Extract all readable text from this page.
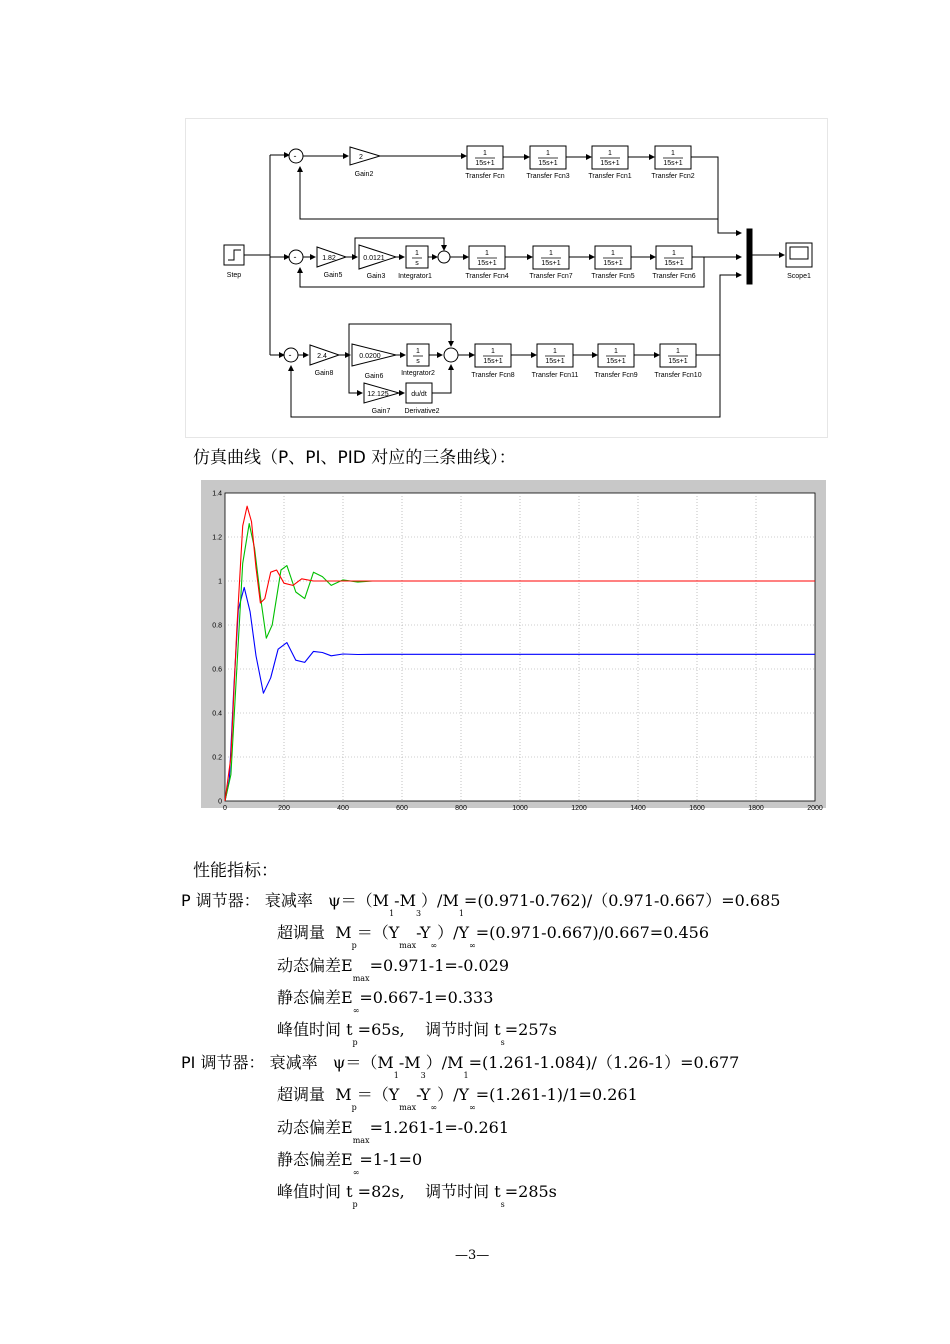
-
-
-
Step	Scope1
2
Gain2
1
15s+1
Transfer Fcn
1
15s+1
Transfer Fcn3
1
15s+1
Transfer Fcn1
1
15s+1
Transfer Fcn2
1.82
Gain5
0.0121
Gain3
1
s
Integrator1
1
15s+1
Transfer Fcn4
1
15s+1
Transfer Fcn7
1
15s+1
Transfer Fcn5
1
15s+1
Transfer Fcn6
2.4
Gain8
0.0200
Gain6
1
s
Integrator2
12.125
Gain7
du/dt
Derivative2
1
15s+1
Transfer Fcn8
1
15s+1
Transfer Fcn11
1
15s+1
Transfer Fcn9
1
15s+1
Transfer Fcn10
仿真曲线（P、PI、PID 对应的三条曲线）：
0	200	400	600	800	1000	1200	1400	1600	1800	2000
0
0.2
0.4
0.6
0.8
1
1.2
1.4
性能指标：
P 调节器： 衰减率 $\psi=(M_1-M_3)/M_1=(0.971-0.762)/(0.971-0.667)=0.685$
超调量 $M_p=(Y_{max}-Y_\infty)/Y_\infty=(0.971-0.667)/0.667=0.456$
动态偏差$E_{max}=0.971-1=-0.029$
静态偏差$E_\infty=0.667-1=0.333$
峰值时间 $t_p=65s$, 调节时间 $t_s=257s$
PI 调节器： 衰减率 $\psi=(M_1-M_3)/M_1=(1.261-1.084)/(1.26-1)=0.677$
超调量 $M_p=(Y_{max}-Y_\infty)/Y_\infty=(1.261-1)/1=0.261$
动态偏差$E_{max}=1.261-1=-0.261$
静态偏差$E_\infty=1-1=0$
峰值时间 $t_p=82s$, 调节时间 $t_s=285s$
—3—
